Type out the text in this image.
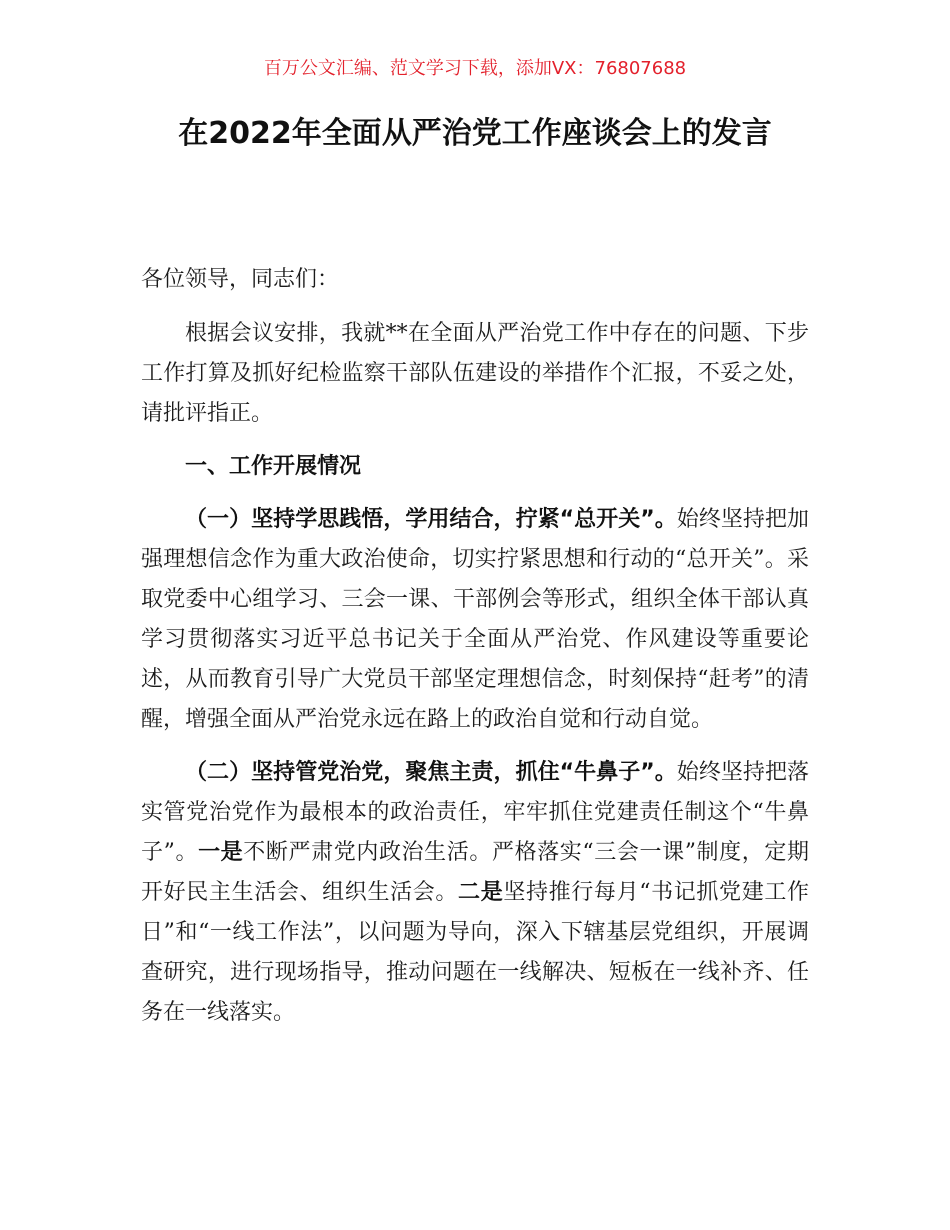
百万公文汇编、范文学习下载，添加VX：76807688
在2022年全面从严治党工作座谈会上的发言

各位领导，同志们：

根据会议安排，我就**在全面从严治党工作中存在的问题、下步工作打算及抓好纪检监察干部队伍建设的举措作个汇报，不妥之处，请批评指正。

一、工作开展情况

（一）坚持学思践悟，学用结合，拧紧“总开关”。始终坚持把加强理想信念作为重大政治使命，切实拧紧思想和行动的“总开关”。采取党委中心组学习、三会一课、干部例会等形式，组织全体干部认真学习贯彻落实习近平总书记关于全面从严治党、作风建设等重要论述，从而教育引导广大党员干部坚定理想信念，时刻保持“赶考”的清醒，增强全面从严治党永远在路上的政治自觉和行动自觉。

（二）坚持管党治党，聚焦主责，抓住“牛鼻子”。始终坚持把落实管党治党作为最根本的政治责任，牢牢抓住党建责任制这个“牛鼻子”。一是不断严肃党内政治生活。严格落实“三会一课”制度，定期开好民主生活会、组织生活会。二是坚持推行每月“书记抓党建工作日”和“一线工作法”，以问题为导向，深入下辖基层党组织，开展调查研究，进行现场指导，推动问题在一线解决、短板在一线补齐、任务在一线落实。
